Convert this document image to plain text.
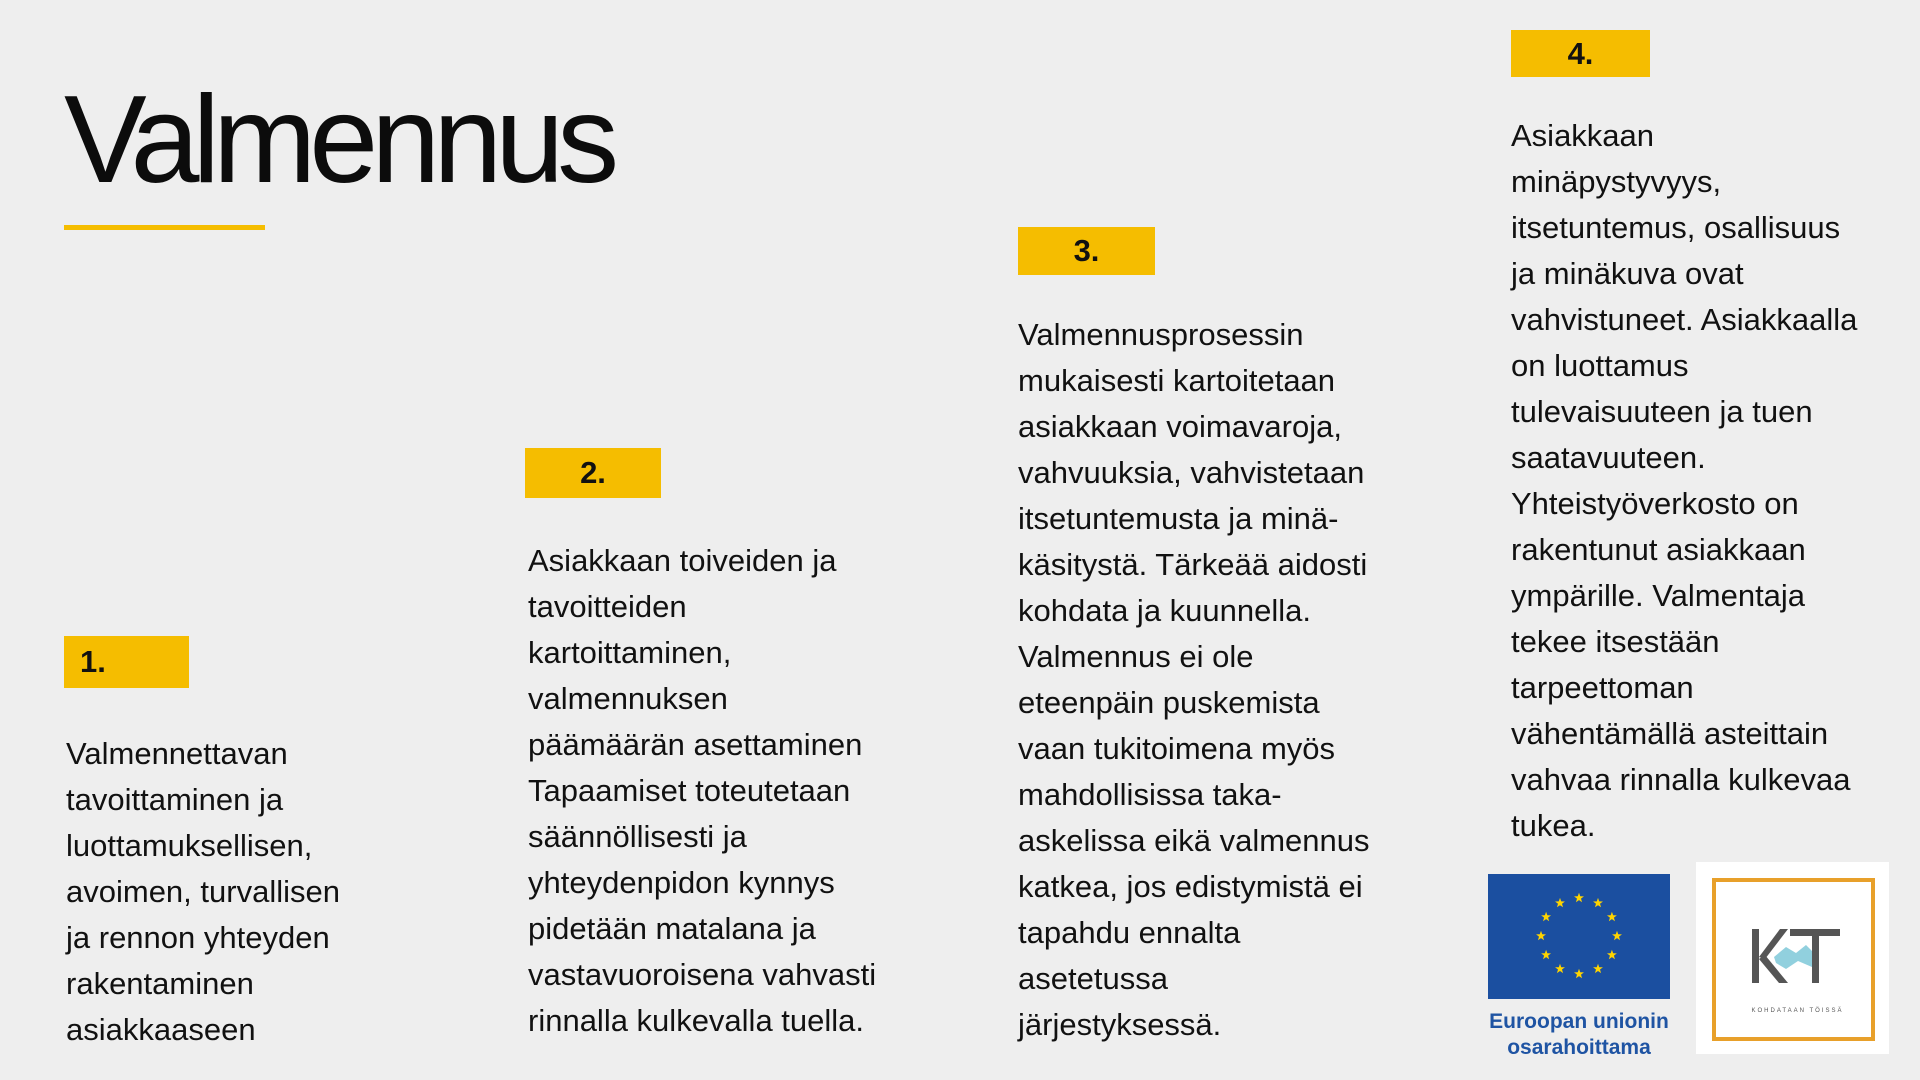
Valmennus
1.
Valmennettavan
tavoittaminen ja
luottamuksellisen,
avoimen, turvallisen
ja rennon yhteyden
rakentaminen
asiakkaaseen
2.
Asiakkaan toiveiden ja
tavoitteiden
kartoittaminen,
valmennuksen
päämäärän asettaminen
Tapaamiset toteutetaan
säännöllisesti ja
yhteydenpidon kynnys
pidetään matalana ja
vastavuoroisena vahvasti
rinnalla kulkevalla tuella.
3.
Valmennusprosessin
mukaisesti kartoitetaan
asiakkaan voimavaroja,
vahvuuksia, vahvistetaan
itsetuntemusta ja minä-
käsitystä. Tärkeää aidosti
kohdata ja kuunnella.
Valmennus ei ole
eteenpäin puskemista
vaan tukitoimena myös
mahdollisissa taka-
askelissa eikä valmennus
katkea, jos edistymistä ei
tapahdu ennalta
asetetussa
järjestyksessä.
4.
Asiakkaan
minäpystyvyys,
itsetuntemus, osallisuus
ja minäkuva ovat
vahvistuneet. Asiakkaalla
on luottamus
tulevaisuuteen ja tuen
saatavuuteen.
Yhteistyöverkosto on
rakentunut asiakkaan
ympärille. Valmentaja
tekee itsestään
tarpeettoman
vähentämällä asteittain
vahvaa rinnalla kulkevaa
tukea.
Euroopan unionin
osarahoittama
KOHDATAAN TÖISSÄ
